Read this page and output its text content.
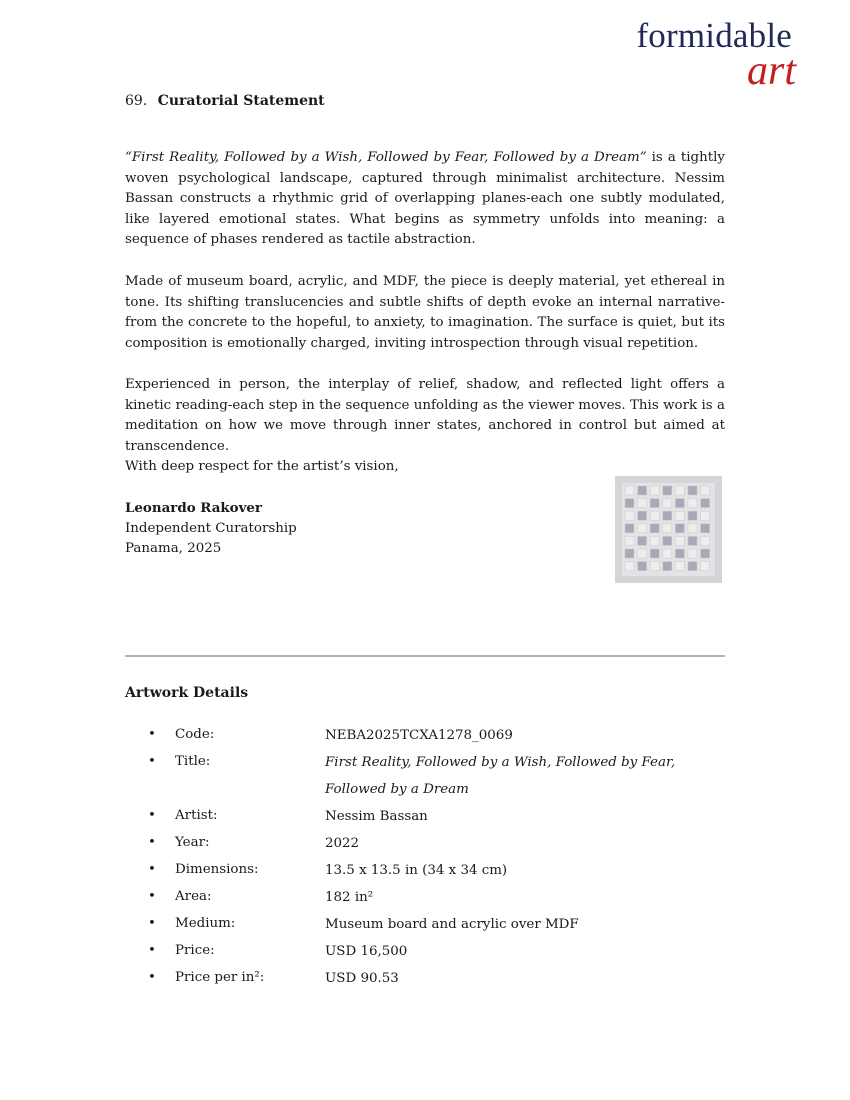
formidable
art
69. Curatorial Statement

“First Reality, Followed by a Wish, Followed by Fear, Followed by a Dream” is a tightly woven psychological landscape, captured through minimalist architecture. Nessim Bassan constructs a rhythmic grid of overlapping planes-each one subtly modulated, like layered emotional states. What begins as symmetry unfolds into meaning: a sequence of phases rendered as tactile abstraction.

Made of museum board, acrylic, and MDF, the piece is deeply material, yet ethereal in tone. Its shifting translucencies and subtle shifts of depth evoke an internal narrative-from the concrete to the hopeful, to anxiety, to imagination. The surface is quiet, but its composition is emotionally charged, inviting introspection through visual repetition.

Experienced in person, the interplay of relief, shadow, and reflected light offers a kinetic reading-each step in the sequence unfolding as the viewer moves. This work is a meditation on how we move through inner states, anchored in control but aimed at transcendence.

With deep respect for the artist’s vision,
Leonardo Rakover
Independent Curatorship
Panama, 2025
Artwork Details
• Code:	NEBA2025TCXA1278_0069
• Title:	First Reality, Followed by a Wish, Followed by Fear, Followed by a Dream
• Artist:	Nessim Bassan
• Year:	2022
• Dimensions:	13.5 x 13.5 in (34 x 34 cm)
• Area:	182 in²
• Medium:	Museum board and acrylic over MDF
• Price:	USD 16,500
• Price per in²:	USD 90.53
